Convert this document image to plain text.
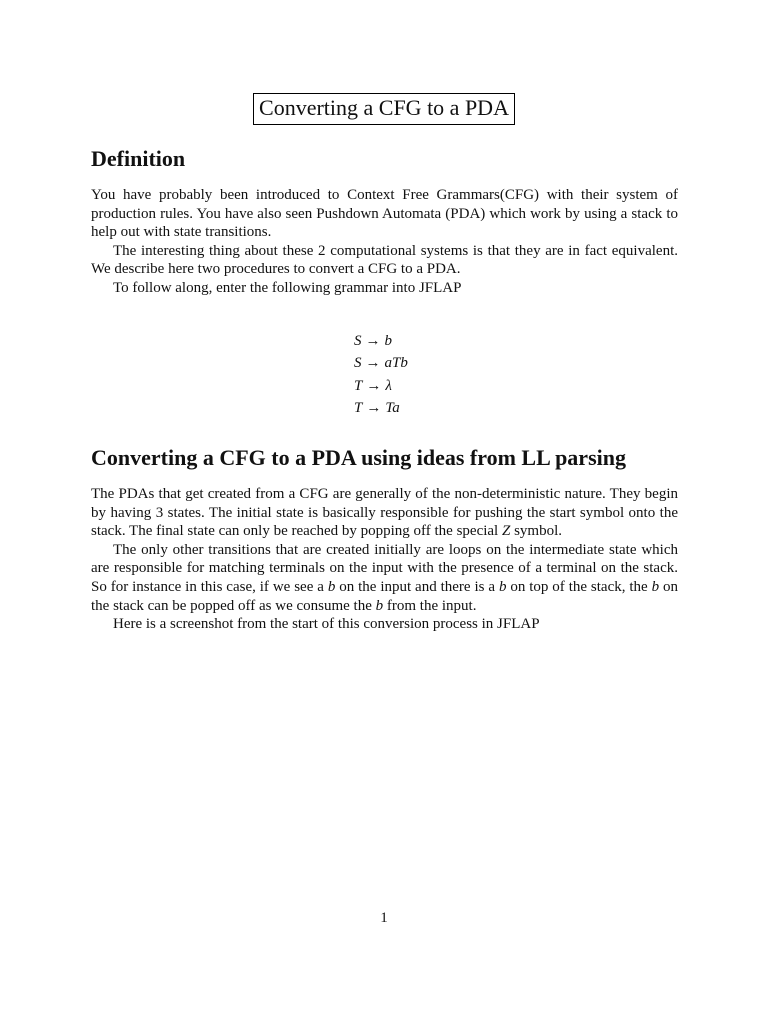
Converting a CFG to a PDA
Definition

You have probably been introduced to Context Free Grammars(CFG) with their system of production rules. You have also seen Pushdown Automata (PDA) which work by using a stack to help out with state transitions.

The interesting thing about these 2 computational systems is that they are in fact equivalent. We describe here two procedures to convert a CFG to a PDA.

To follow along, enter the following grammar into JFLAP

S → b
S → aTb
T → λ
T → Ta
Converting a CFG to a PDA using ideas from LL parsing

The PDAs that get created from a CFG are generally of the non-deterministic nature. They begin by having 3 states. The initial state is basically responsible for pushing the start symbol onto the stack. The final state can only be reached by popping off the special Z symbol.

The only other transitions that are created initially are loops on the intermediate state which are responsible for matching terminals on the input with the presence of a terminal on the stack. So for instance in this case, if we see a b on the input and there is a b on top of the stack, the b on the stack can be popped off as we consume the b from the input.

Here is a screenshot from the start of this conversion process in JFLAP

1
